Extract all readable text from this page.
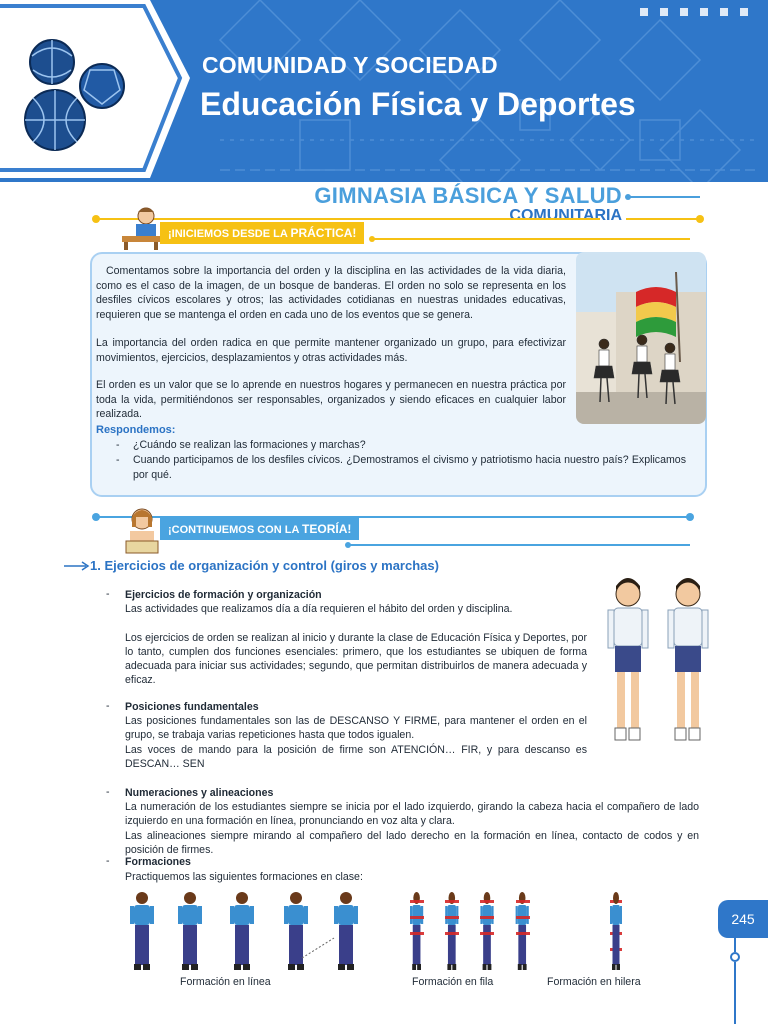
COMUNIDAD Y SOCIEDAD
Educación Física y Deportes
GIMNASIA BÁSICA Y SALUD
COMUNITARIA
¡INICIEMOS DESDE LA PRÁCTICA!
Comentamos sobre la importancia del orden y la disciplina en las actividades de la vida diaria, como es el caso de la imagen, de un bosque de banderas. El orden no solo se representa en los desfiles cívicos escolares y otros; las actividades cotidianas en nuestras unidades educativas, requieren que se mantenga el orden en cada uno de los eventos que se genera.
La importancia del orden radica en que permite mantener organizado un grupo, para efectivizar movimientos, ejercicios, desplazamientos y otras actividades más.
El orden es un valor que se lo aprende en nuestros hogares y permanecen en nuestra práctica por toda la vida, permitiéndonos ser responsables, organizados y siendo eficaces en cualquier labor realizada.
Respondemos:
- ¿Cuándo se realizan las formaciones y marchas?
- Cuando participamos de los desfiles cívicos. ¿Demostramos el civismo y patriotismo hacia nuestro país? Explicamos por qué.
¡CONTINUEMOS CON LA TEORÍA!
1. Ejercicios de organización y control (giros y marchas)
- Ejercicios de formación y organización
Las actividades que realizamos día a día requieren el hábito del orden y disciplina.
Los ejercicios de orden se realizan al inicio y durante la clase de Educación Física y Deportes, por lo tanto, cumplen dos funciones esenciales: primero, que los estudiantes se ubiquen de forma adecuada para iniciar sus actividades; segundo, que permitan distribuirlos de manera adecuada y eficaz.
- Posiciones fundamentales
Las posiciones fundamentales son las de DESCANSO Y FIRME, para mantener el orden en el grupo, se trabaja varias repeticiones hasta que todos igualen.
Las voces de mando para la posición de firme son ATENCIÓN… FIR, y para descanso es DESCAN… SEN
- Numeraciones y alineaciones
La numeración de los estudiantes siempre se inicia por el lado izquierdo, girando la cabeza hacia el compañero de lado izquierdo en una formación en línea, pronunciando en voz alta y clara.
Las alineaciones siempre mirando al compañero del lado derecho en la formación en línea, contacto de codos y en posición de firmes.
- Formaciones
Practiquemos las siguientes formaciones en clase:
Formación en línea	Formación en fila	Formación en hilera
245
